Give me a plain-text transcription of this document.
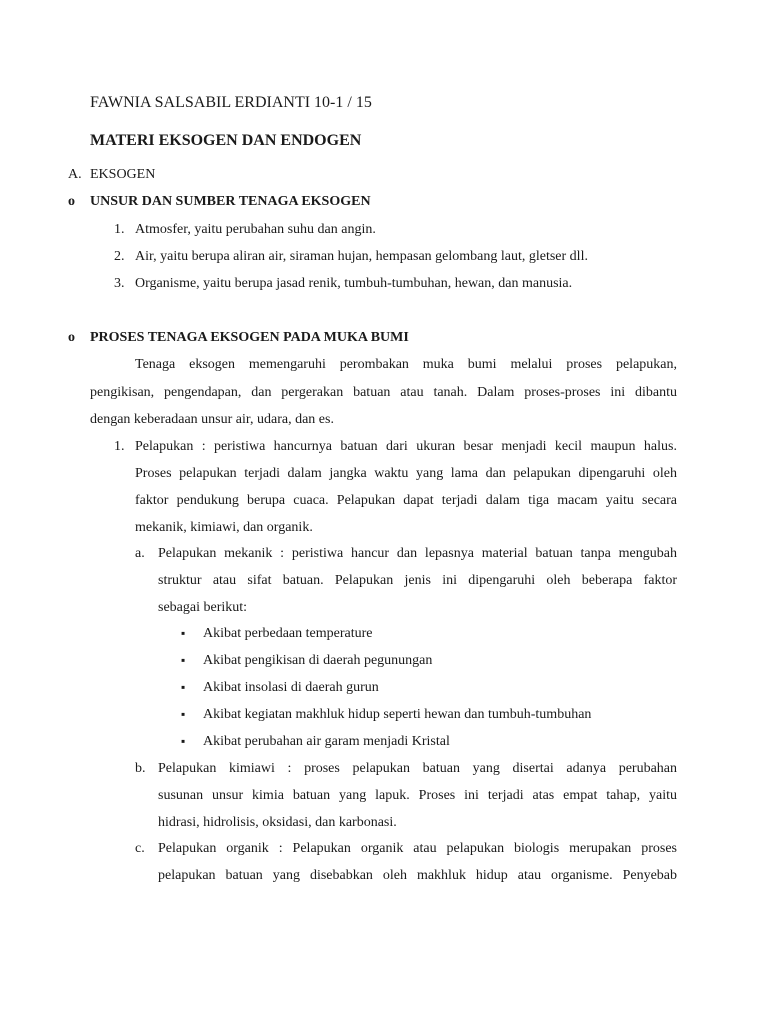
FAWNIA SALSABIL ERDIANTI 10-1 / 15
MATERI EKSOGEN DAN ENDOGEN
A. EKSOGEN
o UNSUR DAN SUMBER TENAGA EKSOGEN
1. Atmosfer, yaitu perubahan suhu dan angin.
2. Air, yaitu berupa aliran air, siraman hujan, hempasan gelombang laut, gletser dll.
3. Organisme, yaitu berupa jasad renik, tumbuh-tumbuhan, hewan, dan manusia.
o PROSES TENAGA EKSOGEN PADA MUKA BUMI
Tenaga eksogen memengaruhi perombakan muka bumi melalui proses pelapukan,
pengikisan, pengendapan, dan pergerakan batuan atau tanah. Dalam proses-proses ini dibantu
dengan keberadaan unsur air, udara, dan es.
1. Pelapukan : peristiwa hancurnya batuan dari ukuran besar menjadi kecil maupun halus.
Proses pelapukan terjadi dalam jangka waktu yang lama dan pelapukan dipengaruhi oleh
faktor pendukung berupa cuaca. Pelapukan dapat terjadi dalam tiga macam yaitu secara
mekanik, kimiawi, dan organik.
a. Pelapukan mekanik : peristiwa hancur dan lepasnya material batuan tanpa mengubah
struktur atau sifat batuan. Pelapukan jenis ini dipengaruhi oleh beberapa faktor
sebagai berikut:
▪ Akibat perbedaan temperature
▪ Akibat pengikisan di daerah pegunungan
▪ Akibat insolasi di daerah gurun
▪ Akibat kegiatan makhluk hidup seperti hewan dan tumbuh-tumbuhan
▪ Akibat perubahan air garam menjadi Kristal
b. Pelapukan kimiawi : proses pelapukan batuan yang disertai adanya perubahan
susunan unsur kimia batuan yang lapuk. Proses ini terjadi atas empat tahap, yaitu
hidrasi, hidrolisis, oksidasi, dan karbonasi.
c. Pelapukan organik : Pelapukan organik atau pelapukan biologis merupakan proses
pelapukan batuan yang disebabkan oleh makhluk hidup atau organisme. Penyebab
